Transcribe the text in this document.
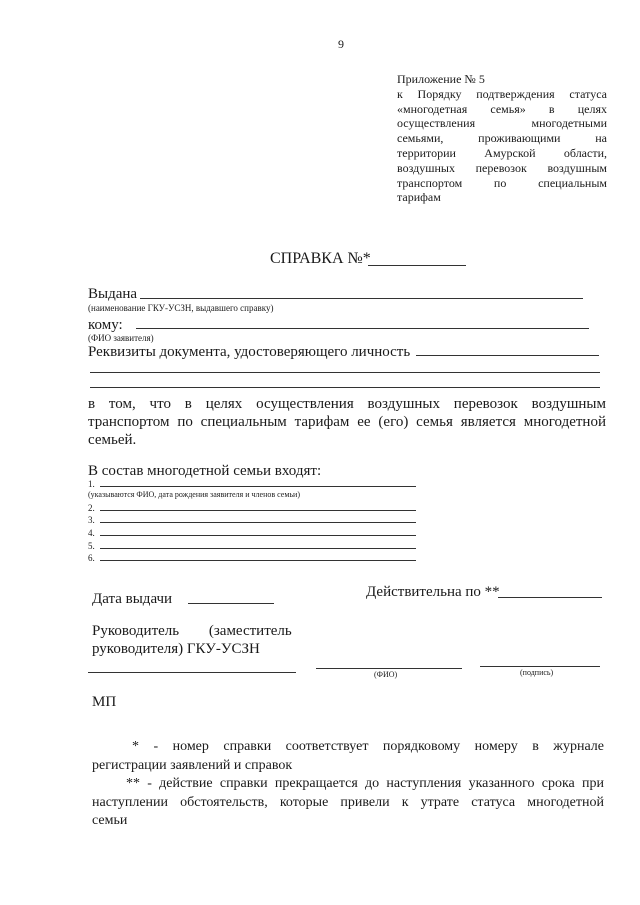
9
Приложение № 5
к Порядку подтверждения статуса
«многодетная семья» в целях
осуществления многодетными
семьями, проживающими на
территории Амурской области,
воздушных перевозок воздушным
транспортом по специальным
тарифам
СПРАВКА №*
Выдана
(наименование ГКУ-УСЗН, выдавшего справку)
кому:
(ФИО заявителя)
Реквизиты документа, удостоверяющего личность
в том, что в целях осуществления воздушных перевозок воздушным
транспортом по специальным тарифам ее (его) семья является многодетной
семьей.
В состав многодетной семьи входят:
1.
(указываются ФИО, дата рождения заявителя и членов семьи)
2.
3.
4.
5.
6.
Дата выдачи	Действительна по **
Руководитель (заместитель
руководителя) ГКУ-УСЗН
(ФИО)	(подпись)
МП
* - номер справки соответствует порядковому номеру в журнале
регистрации заявлений и справок
** - действие справки прекращается до наступления указанного срока при
наступлении обстоятельств, которые привели к утрате статуса многодетной
семьи
